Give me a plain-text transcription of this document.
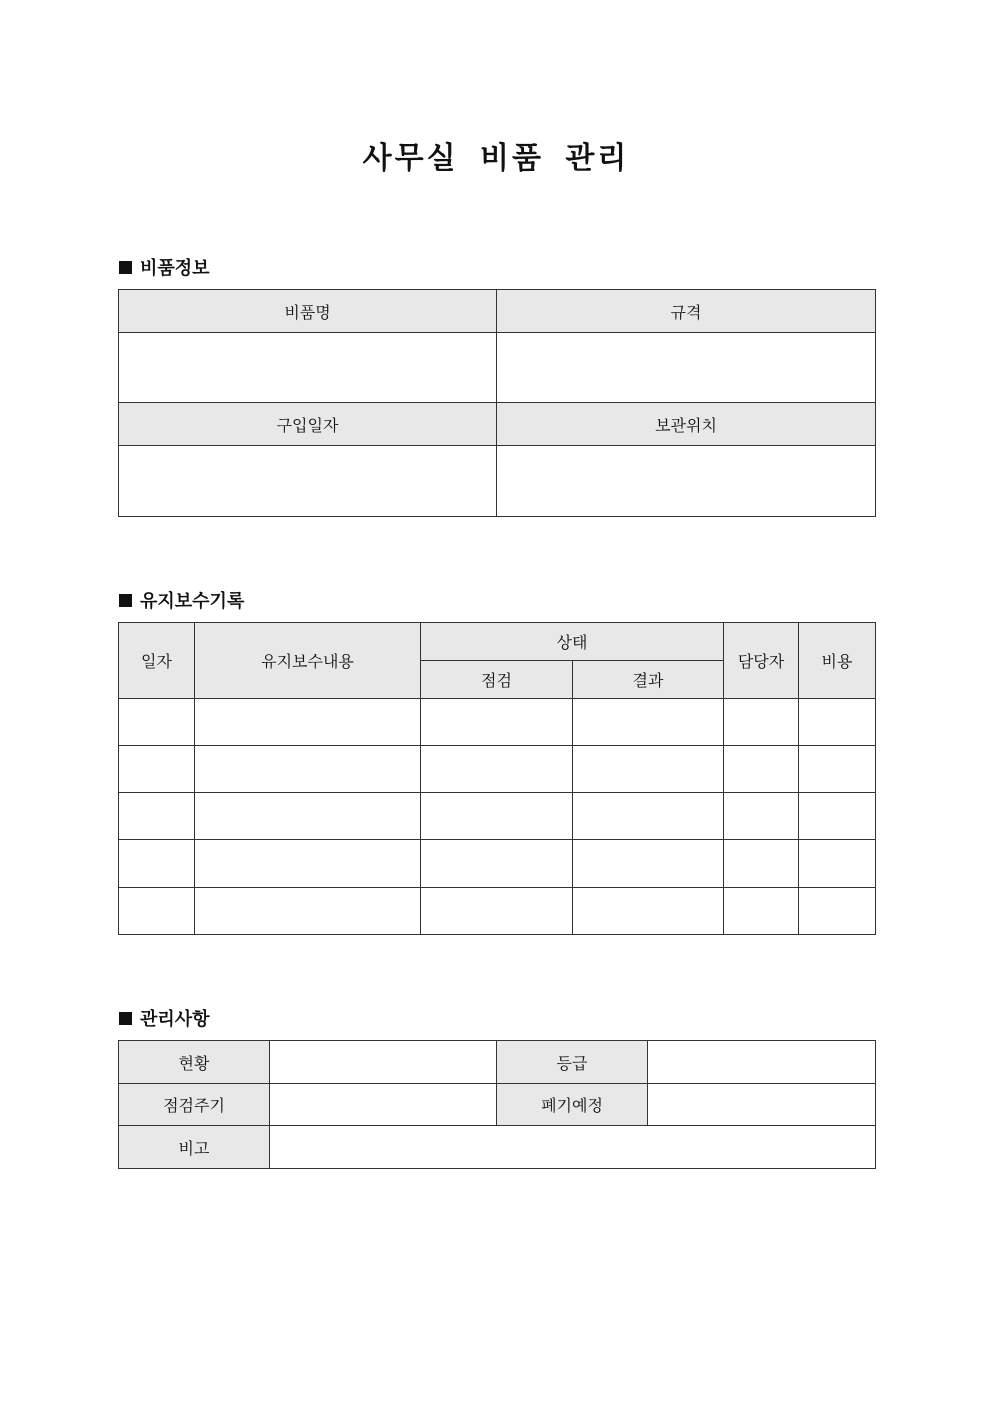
사무실 비품 관리
비품정보
비품명	규격

구입일자	보관위치

유지보수기록
일자	유지보수내용	상태		담당자	비용
		점검	결과		

관리사항
현황		등급	
점검주기		폐기예정	
비고			
